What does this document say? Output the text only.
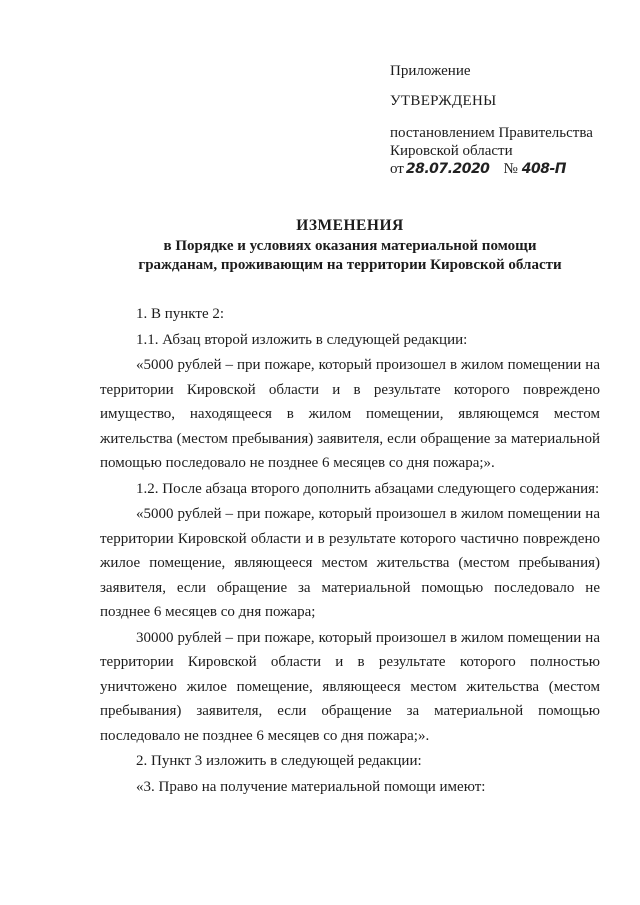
Приложение
УТВЕРЖДЕНЫ
постановлением Правительства
Кировской области
от 28.07.2020 № 408-П
ИЗМЕНЕНИЯ
в Порядке и условиях оказания материальной помощи
гражданам, проживающим на территории Кировской области

1. В пункте 2:

1.1. Абзац второй изложить в следующей редакции:

«5000 рублей – при пожаре, который произошел в жилом помещении на территории Кировской области и в результате которого повреждено имущество, находящееся в жилом помещении, являющемся местом жительства (местом пребывания) заявителя, если обращение за материальной помощью последовало не позднее 6 месяцев со дня пожара;».

1.2. После абзаца второго дополнить абзацами следующего содержания:

«5000 рублей – при пожаре, который произошел в жилом помещении на территории Кировской области и в результате которого частично повреждено жилое помещение, являющееся местом жительства (местом пребывания) заявителя, если обращение за материальной помощью последовало не позднее 6 месяцев со дня пожара;

30000 рублей – при пожаре, который произошел в жилом помещении на территории Кировской области и в результате которого полностью уничтожено жилое помещение, являющееся местом жительства (местом пребывания) заявителя, если обращение за материальной помощью последовало не позднее 6 месяцев со дня пожара;».

2. Пункт 3 изложить в следующей редакции:

«3. Право на получение материальной помощи имеют:
